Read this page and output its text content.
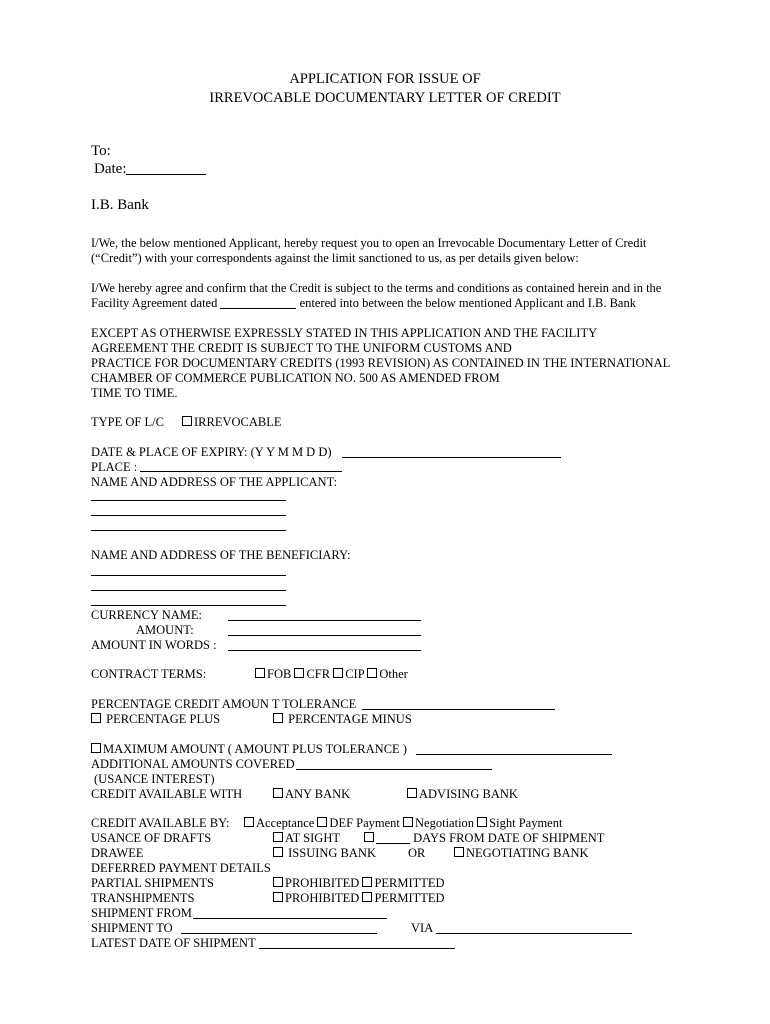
APPLICATION FOR ISSUE OF
IRREVOCABLE DOCUMENTARY LETTER OF CREDIT
To:
Date:
I.B. Bank
I/We, the below mentioned Applicant, hereby request you to open an Irrevocable Documentary Letter of Credit
(“Credit”) with your correspondents against the limit sanctioned to us, as per details given below:
I/We hereby agree and confirm that the Credit is subject to the terms and conditions as contained herein and in the
Facility Agreement dated	entered into between the below mentioned Applicant and I.B. Bank
EXCEPT AS OTHERWISE EXPRESSLY STATED IN THIS APPLICATION AND THE FACILITY
AGREEMENT THE CREDIT IS SUBJECT TO THE UNIFORM CUSTOMS AND
PRACTICE FOR DOCUMENTARY CREDITS (1993 REVISION) AS CONTAINED IN THE INTERNATIONAL
CHAMBER OF COMMERCE PUBLICATION NO. 500 AS AMENDED FROM
TIME TO TIME.
TYPE OF L/C	IRREVOCABLE
DATE & PLACE OF EXPIRY: (Y Y M M D D)
PLACE :
NAME AND ADDRESS OF THE APPLICANT:
NAME AND ADDRESS OF THE BENEFICIARY:
CURRENCY NAME:
AMOUNT:
AMOUNT IN WORDS :
CONTRACT TERMS:	FOB CFR CIP Other
PERCENTAGE CREDIT AMOUN T TOLERANCE
PERCENTAGE PLUS	PERCENTAGE MINUS
MAXIMUM AMOUNT ( AMOUNT PLUS TOLERANCE )
ADDITIONAL AMOUNTS COVERED
(USANCE INTEREST)
CREDIT AVAILABLE WITH	ANY BANK	ADVISING BANK
CREDIT AVAILABLE BY:	Acceptance DEF Payment Negotiation Sight Payment
USANCE OF DRAFTS	AT SIGHT	DAYS FROM DATE OF SHIPMENT
DRAWEE	ISSUING BANK	OR	NEGOTIATING BANK
DEFERRED PAYMENT DETAILS
PARTIAL SHIPMENTS	PROHIBITED PERMITTED
TRANSHIPMENTS	PROHIBITED PERMITTED
SHIPMENT FROM
SHIPMENT TO	VIA
LATEST DATE OF SHIPMENT
